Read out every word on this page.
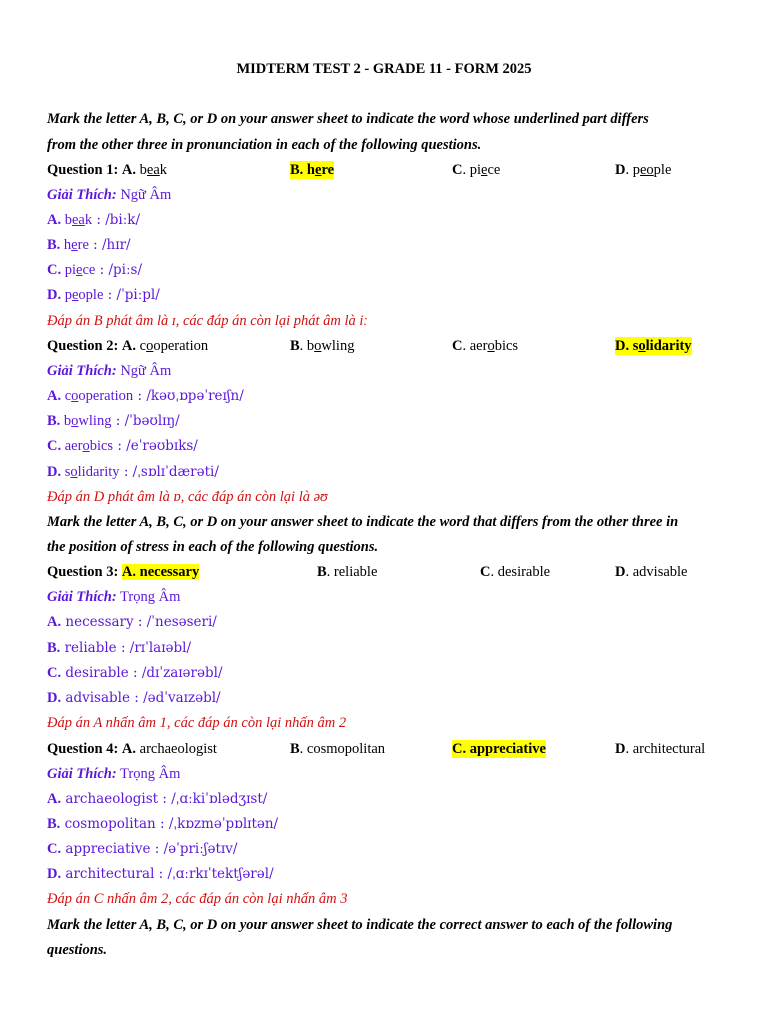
MIDTERM TEST 2 - GRADE 11 - FORM 2025
Mark the letter A, B, C, or D on your answer sheet to indicate the word whose underlined part differs
from the other three in pronunciation in each of the following questions.
Question 1: A. beak	B. here	C. piece	D. people
Giải Thích: Ngữ Âm
A. beak : /biːk/
B. here : /hɪr/
C. piece : /piːs/
D. people : /ˈpiːpl/
Đáp án B phát âm là ɪ, các đáp án còn lại phát âm là iː
Question 2: A. cooperation	B. bowling	C. aerobics	D. solidarity
Giải Thích: Ngữ Âm
A. cooperation : /kəʊˌɒpəˈreɪʃn/
B. bowling : /ˈbəʊlɪŋ/
C. aerobics : /eˈrəʊbɪks/
D. solidarity : /ˌsɒlɪˈdærəti/
Đáp án D phát âm là ɒ, các đáp án còn lại là əʊ
Mark the letter A, B, C, or D on your answer sheet to indicate the word that differs from the other three in
the position of stress in each of the following questions.
Question 3: A. necessary	B. reliable	C. desirable	D. advisable
Giải Thích: Trọng Âm
A. necessary : /ˈnesəseri/
B. reliable : /rɪˈlaɪəbl/
C. desirable : /dɪˈzaɪərəbl/
D. advisable : /ədˈvaɪzəbl/
Đáp án A nhấn âm 1, các đáp án còn lại nhấn âm 2
Question 4: A. archaeologist	B. cosmopolitan	C. appreciative	D. architectural
Giải Thích: Trọng Âm
A. archaeologist : /ˌɑːkiˈɒlədʒɪst/
B. cosmopolitan : /ˌkɒzməˈpɒlɪtən/
C. appreciative : /əˈpriːʃətɪv/
D. architectural : /ˌɑːrkɪˈtektʃərəl/
Đáp án C nhấn âm 2, các đáp án còn lại nhấn âm 3
Mark the letter A, B, C, or D on your answer sheet to indicate the correct answer to each of the following
questions.
